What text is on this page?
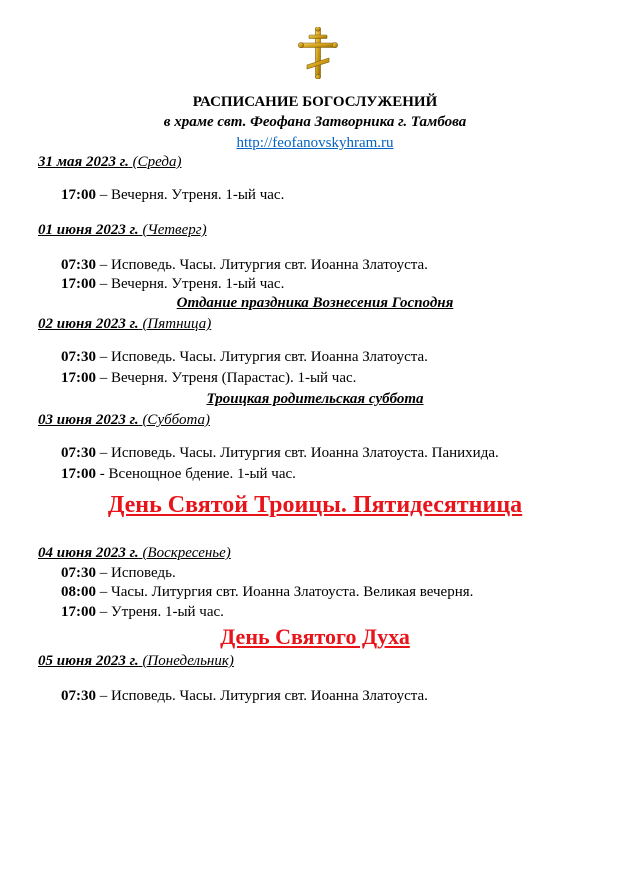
РАСПИСАНИЕ БОГОСЛУЖЕНИЙ
в храме свт. Феофана Затворника г. Тамбова
http://feofanovskyhram.ru
31 мая 2023 г. (Среда)
17:00 – Вечерня. Утреня. 1-ый час.
01 июня 2023 г. (Четверг)
07:30 – Исповедь. Часы. Литургия свт. Иоанна Златоуста.
17:00 – Вечерня. Утреня. 1-ый час.
Отдание праздника Вознесения Господня
02 июня 2023 г. (Пятница)
07:30 – Исповедь. Часы. Литургия свт. Иоанна Златоуста.
17:00 – Вечерня. Утреня (Парастас). 1-ый час.
Троицкая родительская суббота
03 июня 2023 г. (Суббота)
07:30 – Исповедь. Часы. Литургия свт. Иоанна Златоуста. Панихида.
17:00 - Всенощное бдение. 1-ый час.
День Святой Троицы. Пятидесятница
04 июня 2023 г. (Воскресенье)
07:30 – Исповедь.
08:00 – Часы. Литургия свт. Иоанна Златоуста. Великая вечерня.
17:00 – Утреня. 1-ый час.
День Святого Духа
05 июня 2023 г. (Понедельник)
07:30 – Исповедь. Часы. Литургия свт. Иоанна Златоуста.
